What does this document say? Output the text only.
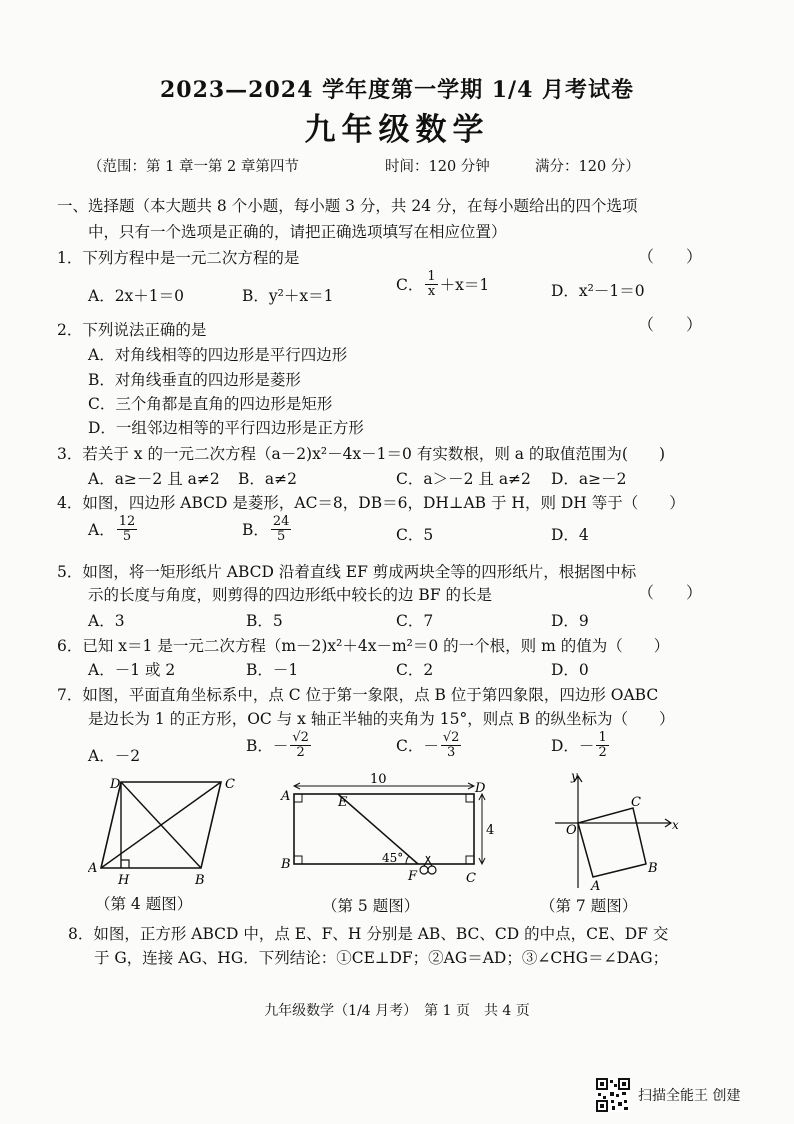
2023—2024 学年度第一学期 1/4 月考试卷
九年级数学
（范围：第 1 章一第 2 章第四节	时间：120 分钟	满分：120 分）
一、选择题（本大题共 8 个小题，每小题 3 分，共 24 分，在每小题给出的四个选项
中，只有一个选项是正确的，请把正确选项填写在相应位置）
1．下列方程中是一元二次方程的是	（　　）
A．2x＋1＝0	B．y²＋x＝1
C． $\frac{1}{x} +x=1$	D．x²－1＝0
2．下列说法正确的是	（　　）
A．对角线相等的四边形是平行四边形
B．对角线垂直的四边形是菱形
C．三个角都是直角的四边形是矩形
D．一组邻边相等的平行四边形是正方形
3．若关于 x 的一元二次方程（a－2)x²－4x－1＝0 有实数根，则 a 的取值范围为(　　)
A．a≥－2 且 a≠2 B．a≠2	C．a＞－2 且 a≠2 D．a≥－2
4．如图，四边形 ABCD 是菱形，AC＝8，DB＝6，DH⊥AB 于 H，则 DH 等于（　　）
A． $\frac{12}{5}$	B． $\frac{24}{5}$	C．5	D．4
5．如图，将一矩形纸片 ABCD 沿着直线 EF 剪成两块全等的四形纸片，根据图中标
示的长度与角度，则剪得的四边形纸中较长的边 BF 的长是	（　　）
A．3	B．5	C．7	D．9
6．已知 x＝1 是一元二次方程（m－2)x²＋4x－m²＝0 的一个根，则 m 的值为（　　）
A．－1 或 2	B．－1	C．2	D．0
7．如图，平面直角坐标系中，点 C 位于第一象限，点 B 位于第四象限，四边形 OABC
是边长为 1 的正方形，OC 与 x 轴正半轴的夹角为 15°，则点 B 的纵坐标为（　　）
A．－2
B．－ $\frac{√2}{2}$	C．－ $\frac{√2}{3}$	D．－ $\frac{1}{2}$
A
H	B
C
D
（第 4 题图）
10
4
45°
A
B
C
D
E
F
（第 5 题图）
y
x
O
C
B
A
（第 7 题图）
8．如图，正方形 ABCD 中，点 E、F、H 分别是 AB、BC、CD 的中点，CE、DF 交
于 G，连接 AG、HG．下列结论：①CE⊥DF；②AG＝AD；③∠CHG＝∠DAG；
九年级数学（1/4 月考）　第 1 页　共 4 页
扫描全能王 创建
